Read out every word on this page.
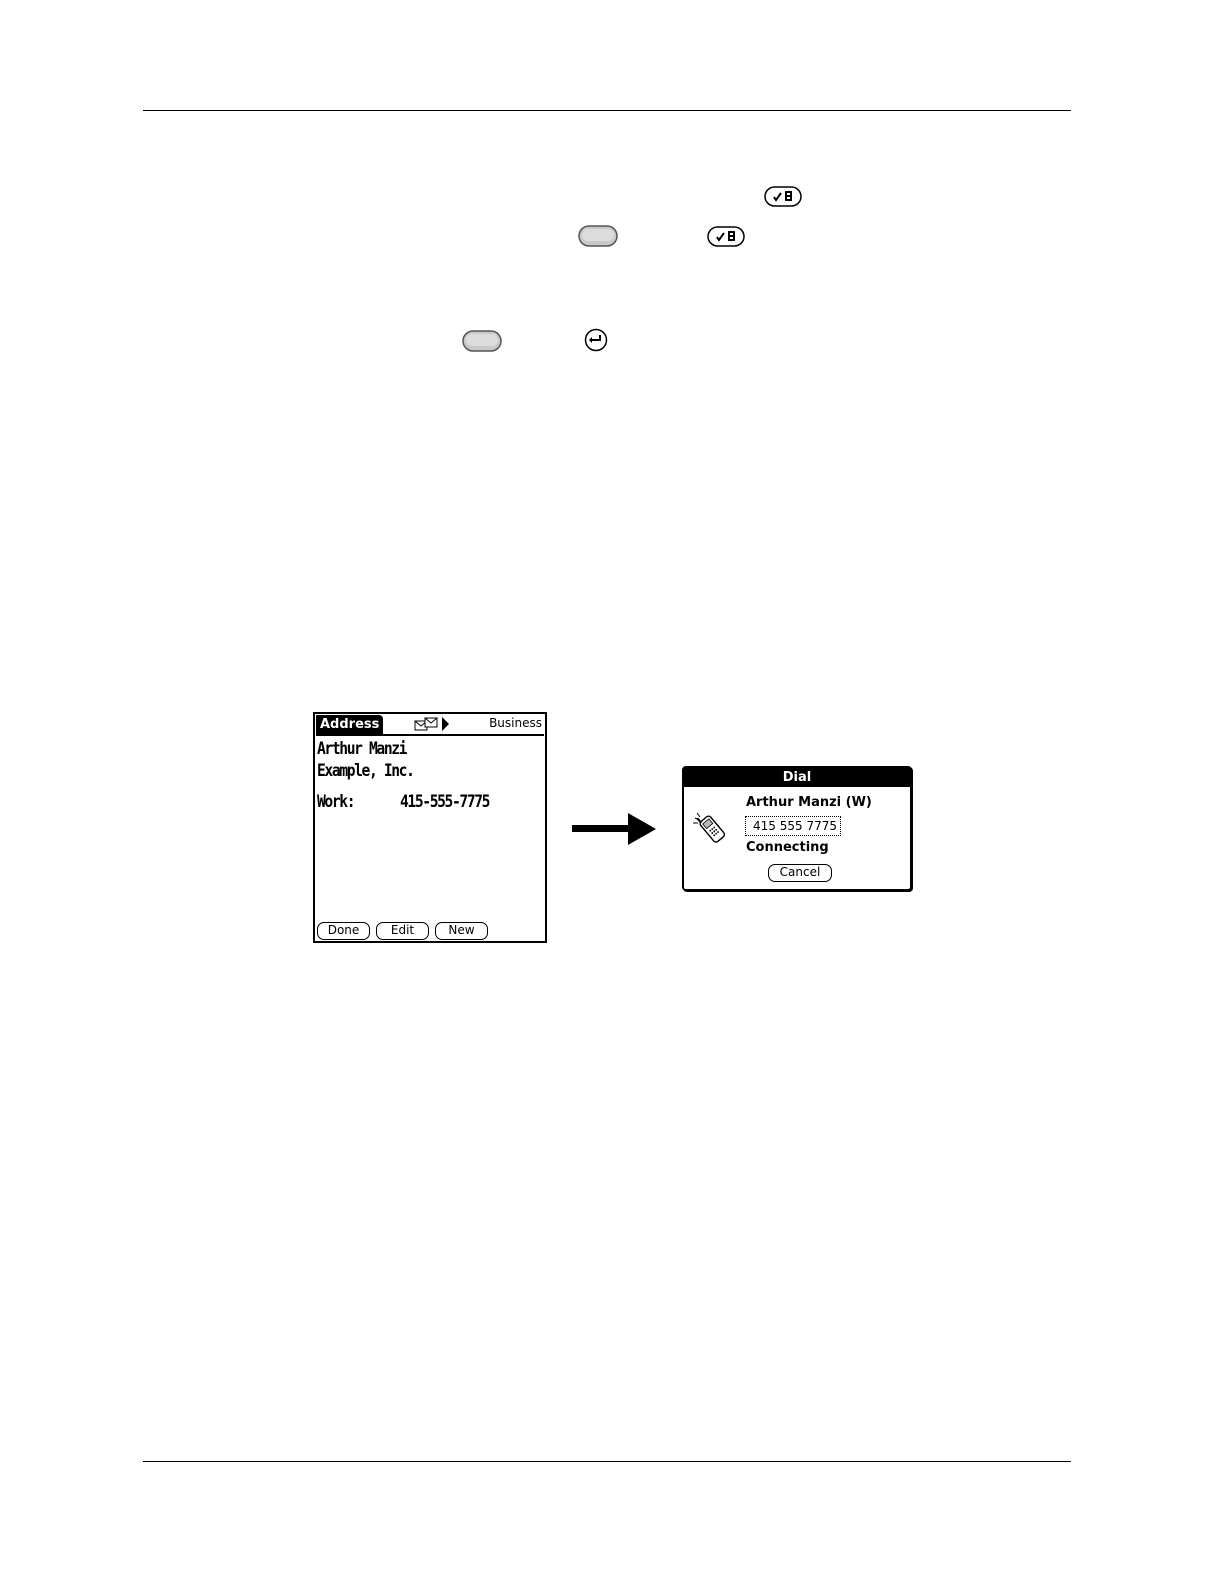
Address	Business
Arthur Manzi
Example, Inc.
Work:	415-555-7775
Done	Edit	New
Dial
Arthur Manzi (W)
415 555 7775
Connecting
Cancel
